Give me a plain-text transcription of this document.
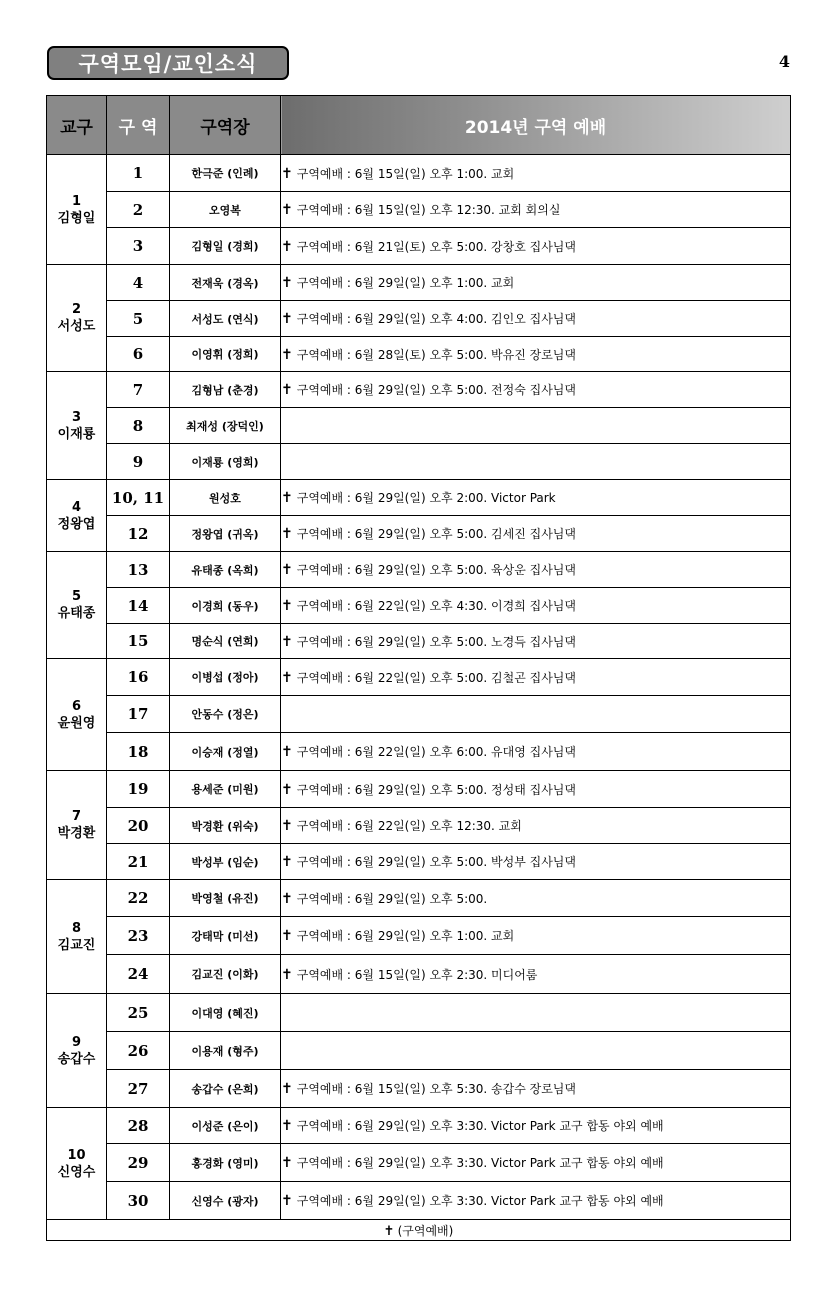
구역모임/교인소식	4
교구	구 역	구역장	2014년 구역 예배

1
김형일	1	한극준 (인례)	✝ 구역예배 : 6월 15일(일) 오후 1:00. 교회
	2	오영복	✝ 구역예배 : 6월 15일(일) 오후 12:30. 교회 회의실
	3	김형일 (경희)	✝ 구역예배 : 6월 21일(토) 오후 5:00. 강창호 집사님댁

2
서성도	4	전재욱 (경옥)	✝ 구역예배 : 6월 29일(일) 오후 1:00. 교회
	5	서성도 (연식)	✝ 구역예배 : 6월 29일(일) 오후 4:00. 김인오 집사님댁
	6	이영휘 (정희)	✝ 구역예배 : 6월 28일(토) 오후 5:00. 박유진 장로님댁

3
이재룡	7	김형남 (춘경)	✝ 구역예배 : 6월 29일(일) 오후 5:00. 전정숙 집사님댁
	8	최재성 (장덕인)	
	9	이재룡 (영희)	

4
정왕엽	10, 11	원성호	✝ 구역예배 : 6월 29일(일) 오후 2:00. Victor Park
	12	정왕엽 (귀옥)	✝ 구역예배 : 6월 29일(일) 오후 5:00. 김세진 집사님댁

5
유태종	13	유태종 (옥희)	✝ 구역예배 : 6월 29일(일) 오후 5:00. 육상운 집사님댁
	14	이경희 (동우)	✝ 구역예배 : 6월 22일(일) 오후 4:30. 이경희 집사님댁
	15	명순식 (연희)	✝ 구역예배 : 6월 29일(일) 오후 5:00. 노경득 집사님댁

6
윤원영	16	이병섭 (정아)	✝ 구역예배 : 6월 22일(일) 오후 5:00. 김철곤 집사님댁
	17	안동수 (정은)	
	18	이승재 (정열)	✝ 구역예배 : 6월 22일(일) 오후 6:00. 유대영 집사님댁

7
박경환	19	용세준 (미원)	✝ 구역예배 : 6월 29일(일) 오후 5:00. 정성태 집사님댁
	20	박경환 (위숙)	✝ 구역예배 : 6월 22일(일) 오후 12:30. 교회
	21	박성부 (임순)	✝ 구역예배 : 6월 29일(일) 오후 5:00. 박성부 집사님댁

8
김교진	22	박영철 (유진)	✝ 구역예배 : 6월 29일(일) 오후 5:00.
	23	강태막 (미선)	✝ 구역예배 : 6월 29일(일) 오후 1:00. 교회
	24	김교진 (이화)	✝ 구역예배 : 6월 15일(일) 오후 2:30. 미디어룸

9
송갑수	25	이대영 (혜진)	
	26	이용재 (형주)	
	27	송갑수 (은희)	✝ 구역예배 : 6월 15일(일) 오후 5:30. 송갑수 장로님댁

10
신영수	28	이성준 (은이)	✝ 구역예배 : 6월 29일(일) 오후 3:30. Victor Park 교구 합동 야외 예배
	29	홍경화 (영미)	✝ 구역예배 : 6월 29일(일) 오후 3:30. Victor Park 교구 합동 야외 예배
	30	신영수 (광자)	✝ 구역예배 : 6월 29일(일) 오후 3:30. Victor Park 교구 합동 야외 예배
✝ (구역예배)			
